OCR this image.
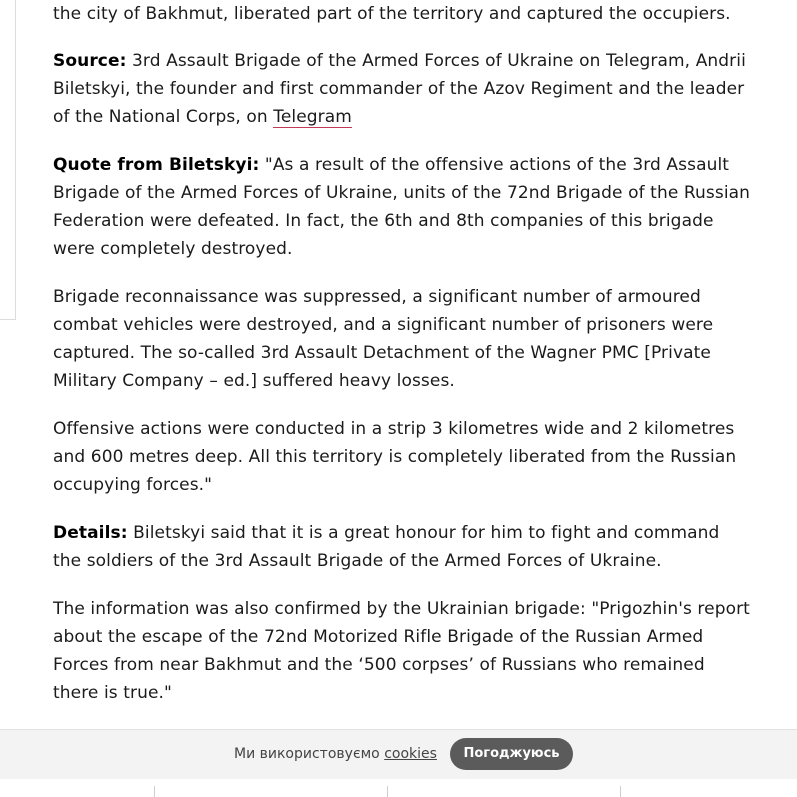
the city of Bakhmut, liberated part of the territory and captured the occupiers.

Source: 3rd Assault Brigade of the Armed Forces of Ukraine on Telegram, Andrii Biletskyi, the founder and first commander of the Azov Regiment and the leader of the National Corps, on Telegram

Quote from Biletskyi: "As a result of the offensive actions of the 3rd Assault Brigade of the Armed Forces of Ukraine, units of the 72nd Brigade of the Russian Federation were defeated. In fact, the 6th and 8th companies of this brigade were completely destroyed.

Brigade reconnaissance was suppressed, a significant number of armoured combat vehicles were destroyed, and a significant number of prisoners were captured. The so-called 3rd Assault Detachment of the Wagner PMC [Private Military Company – ed.] suffered heavy losses.

Offensive actions were conducted in a strip 3 kilometres wide and 2 kilometres and 600 metres deep. All this territory is completely liberated from the Russian occupying forces."

Details: Biletskyi said that it is a great honour for him to fight and command the soldiers of the 3rd Assault Brigade of the Armed Forces of Ukraine.

The information was also confirmed by the Ukrainian brigade: "Prigozhin's report about the escape of the 72nd Motorized Rifle Brigade of the Russian Armed Forces from near Bakhmut and the ‘500 corpses’ of Russians who remained there is true."

Ми використовуємо cookies	Погоджуюсь
